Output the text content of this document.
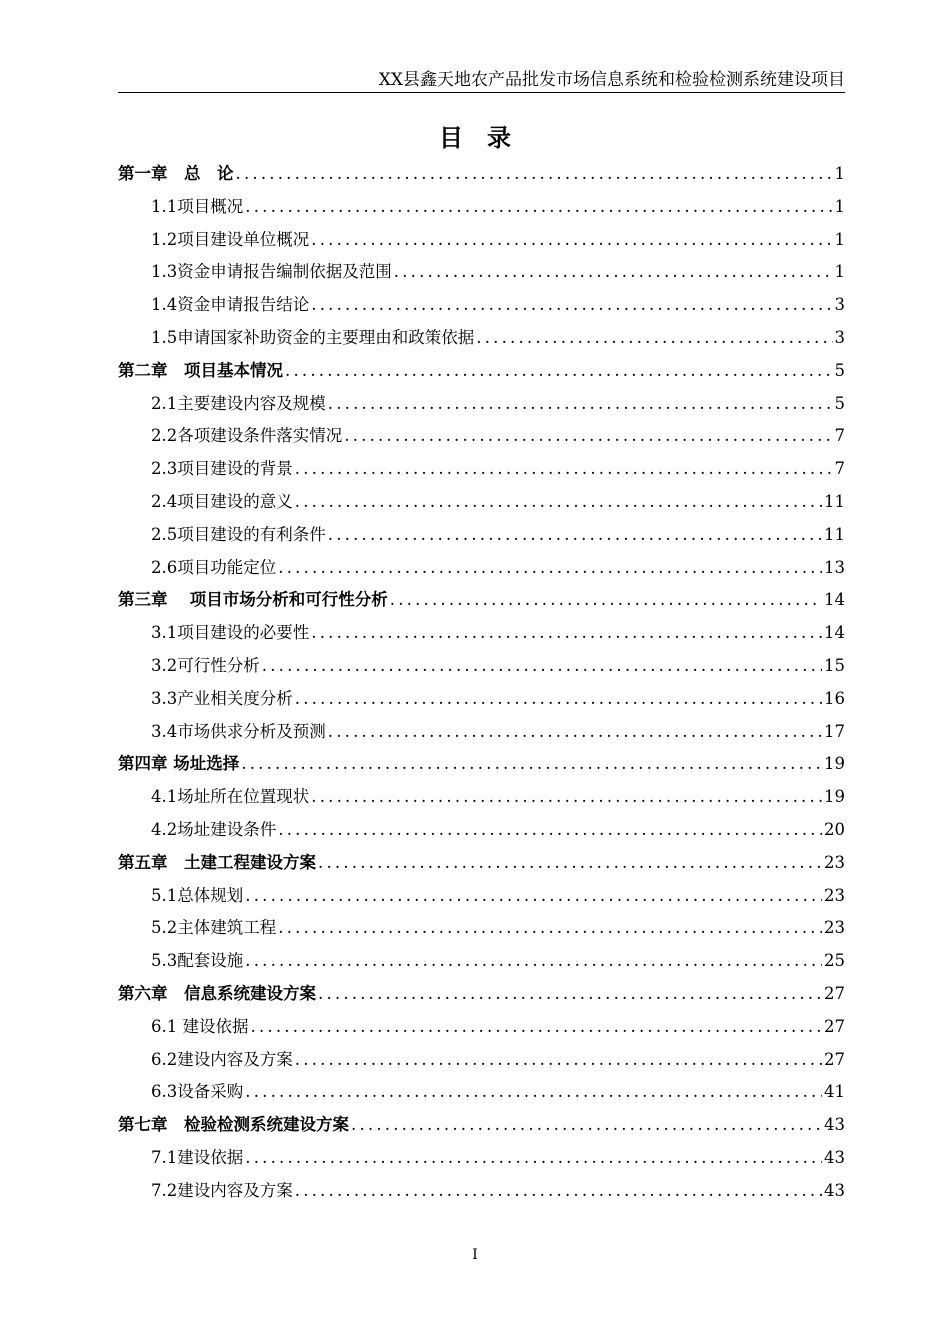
XX县鑫天地农产品批发市场信息系统和检验检测系统建设项目
目录
第一章　总　论 .....	1
1.1项目概况 .....	1
1.2项目建设单位概况 .....	1
1.3资金申请报告编制依据及范围 .....	1
1.4资金申请报告结论 .....	3
1.5申请国家补助资金的主要理由和政策依据 .....	3
第二章　项目基本情况 .....	5
2.1主要建设内容及规模 .....	5
2.2各项建设条件落实情况 .....	7
2.3项目建设的背景 .....	7
2.4项目建设的意义 .....	11
2.5项目建设的有利条件 .....	11
2.6项目功能定位 .....	13
第三章　 项目市场分析和可行性分析 .....	14
3.1项目建设的必要性 .....	14
3.2可行性分析 .....	15
3.3产业相关度分析 .....	16
3.4市场供求分析及预测 .....	17
第四章 场址选择 .....	19
4.1场址所在位置现状 .....	19
4.2场址建设条件 .....	20
第五章　土建工程建设方案 .....	23
5.1总体规划 .....	23
5.2主体建筑工程 .....	23
5.3配套设施 .....	25
第六章　信息系统建设方案 .....	27
6.1 建设依据 .....	27
6.2建设内容及方案 .....	27
6.3设备采购 .....	41
第七章　检验检测系统建设方案 .....	43
7.1建设依据 .....	43
7.2建设内容及方案 .....	43
I
